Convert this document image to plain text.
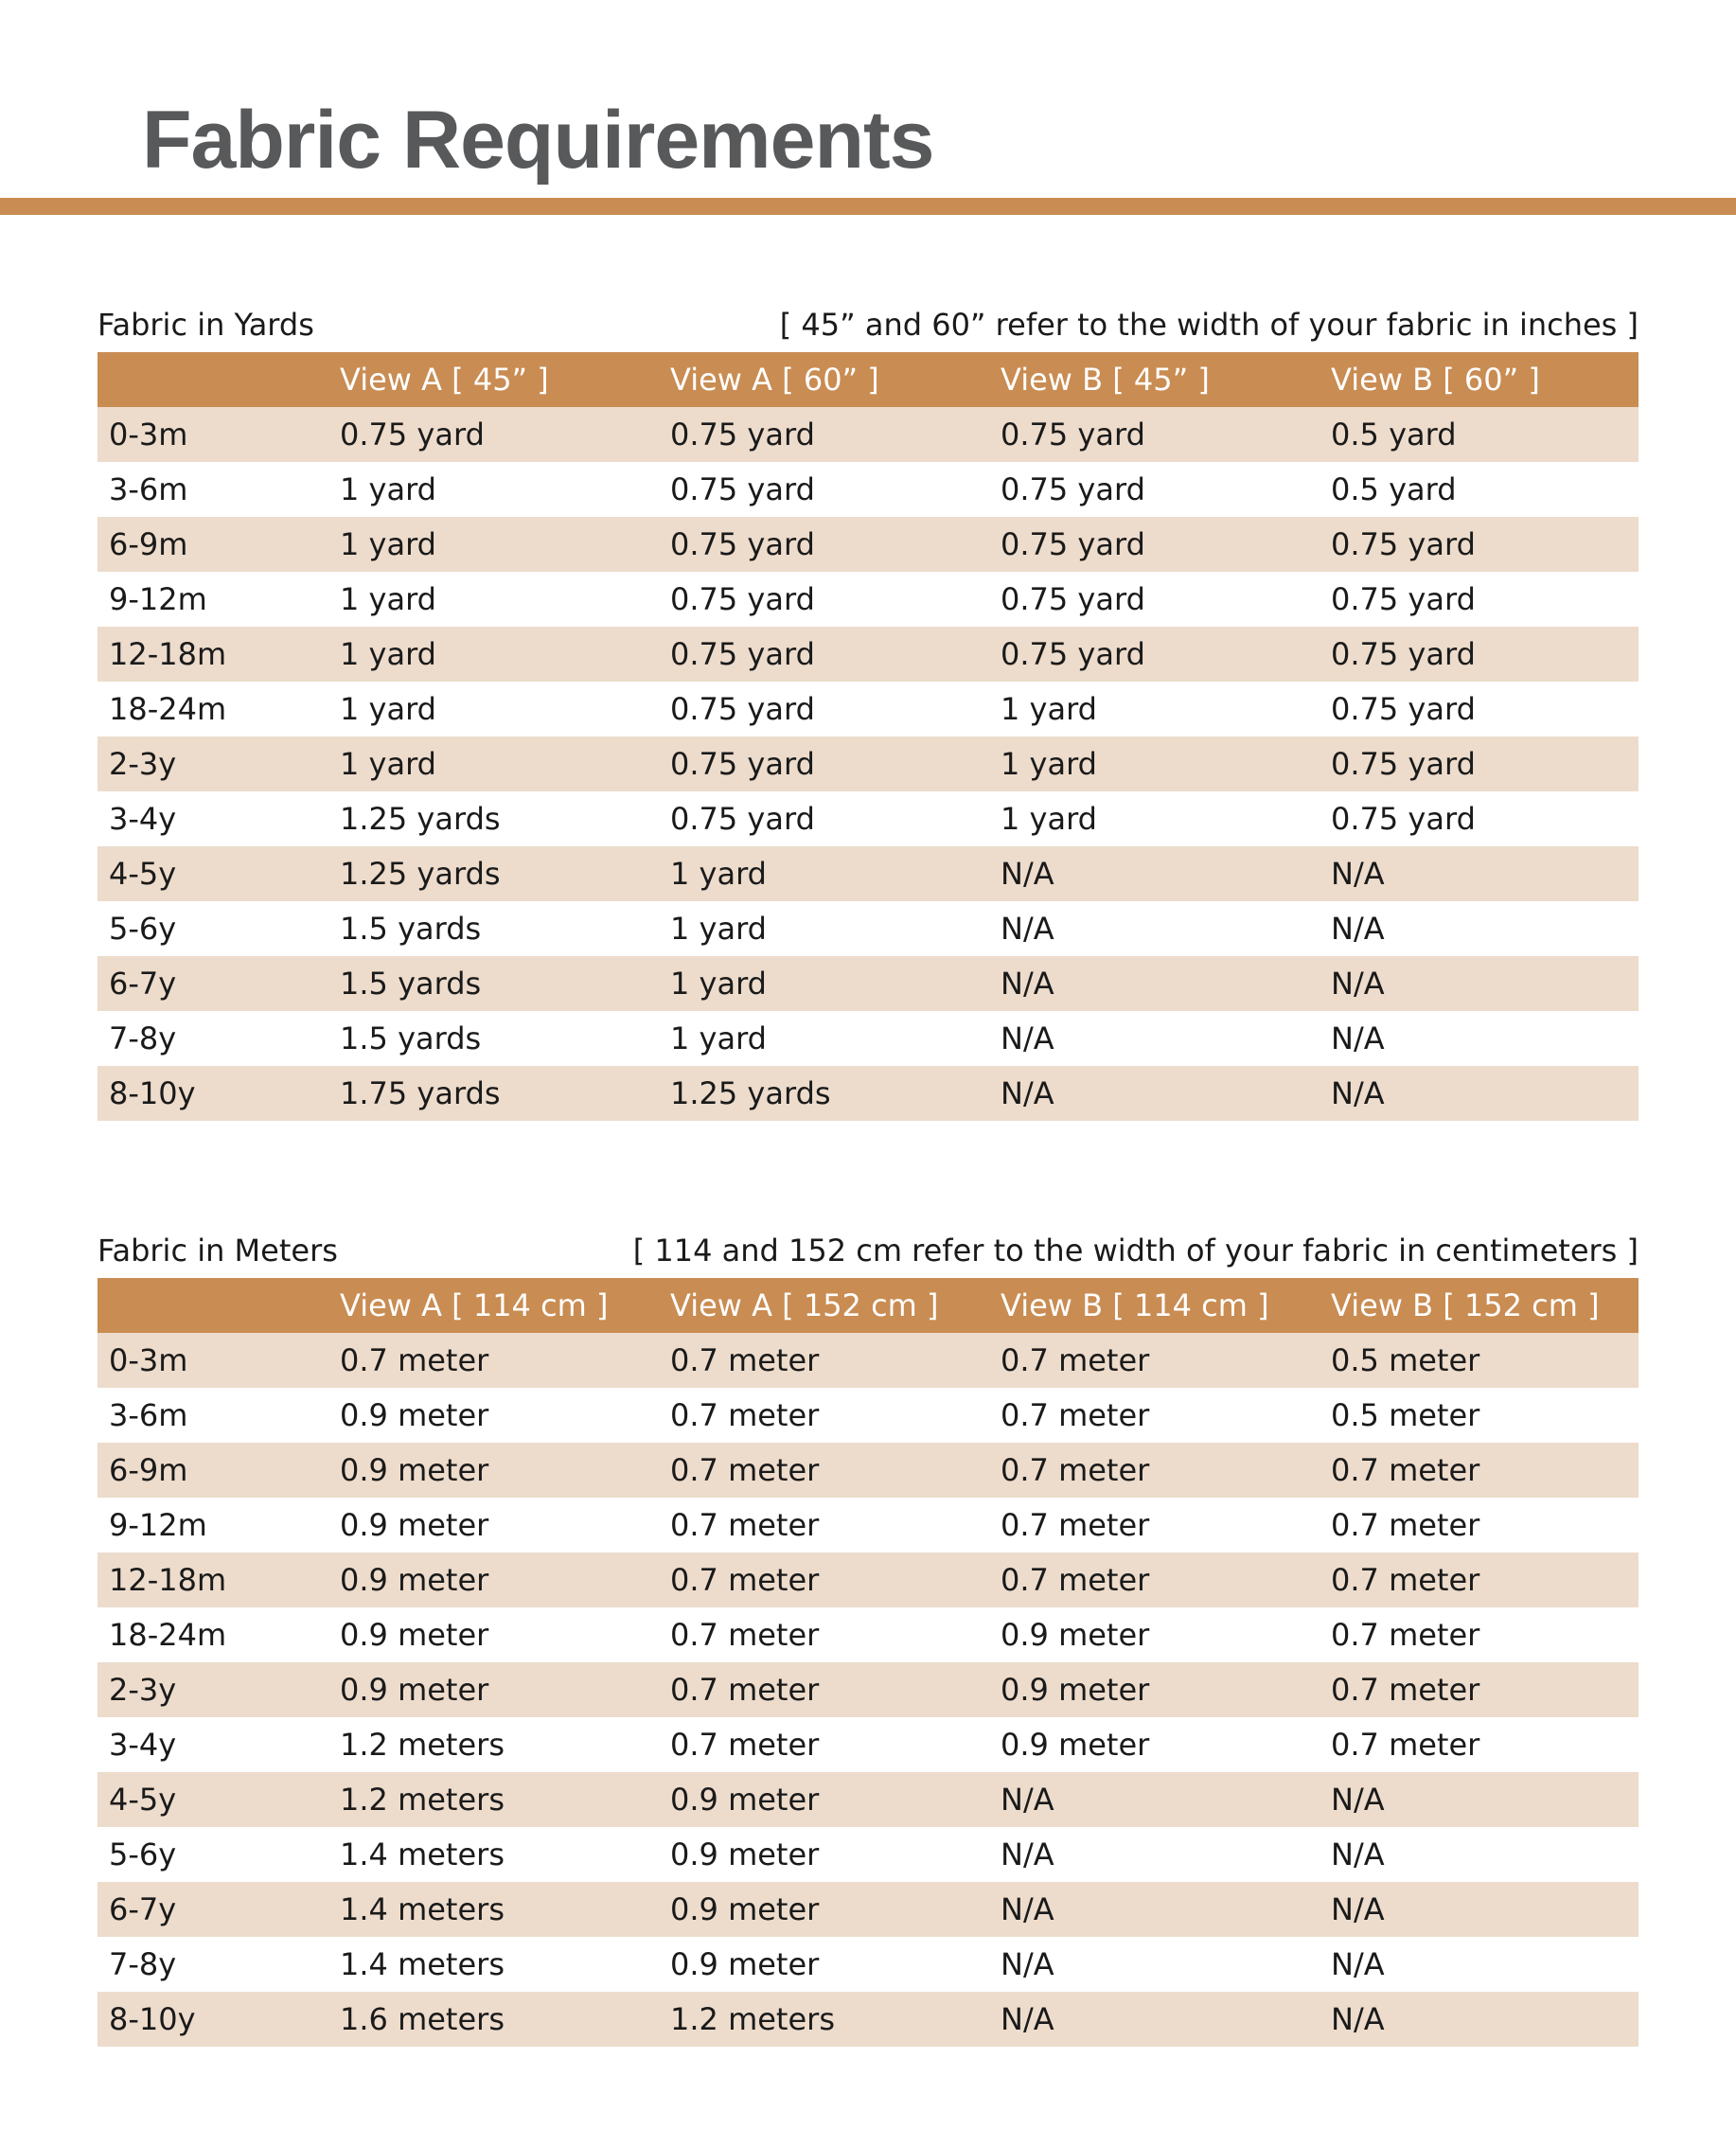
Fabric Requirements
Fabric in Yards	[ 45” and 60” refer to the width of your fabric in inches ]
	View A [ 45” ]	View A [ 60” ]	View B [ 45” ]	View B [ 60” ]
0-3m	0.75 yard	0.75 yard	0.75 yard	0.5 yard
3-6m	1 yard	0.75 yard	0.75 yard	0.5 yard
6-9m	1 yard	0.75 yard	0.75 yard	0.75 yard
9-12m	1 yard	0.75 yard	0.75 yard	0.75 yard
12-18m	1 yard	0.75 yard	0.75 yard	0.75 yard
18-24m	1 yard	0.75 yard	1 yard	0.75 yard
2-3y	1 yard	0.75 yard	1 yard	0.75 yard
3-4y	1.25 yards	0.75 yard	1 yard	0.75 yard
4-5y	1.25 yards	1 yard	N/A	N/A
5-6y	1.5 yards	1 yard	N/A	N/A
6-7y	1.5 yards	1 yard	N/A	N/A
7-8y	1.5 yards	1 yard	N/A	N/A
8-10y	1.75 yards	1.25 yards	N/A	N/A
Fabric in Meters	[ 114 and 152 cm refer to the width of your fabric in centimeters ]
	View A [ 114 cm ]	View A [ 152 cm ]	View B [ 114 cm ]	View B [ 152 cm ]
0-3m	0.7 meter	0.7 meter	0.7 meter	0.5 meter
3-6m	0.9 meter	0.7 meter	0.7 meter	0.5 meter
6-9m	0.9 meter	0.7 meter	0.7 meter	0.7 meter
9-12m	0.9 meter	0.7 meter	0.7 meter	0.7 meter
12-18m	0.9 meter	0.7 meter	0.7 meter	0.7 meter
18-24m	0.9 meter	0.7 meter	0.9 meter	0.7 meter
2-3y	0.9 meter	0.7 meter	0.9 meter	0.7 meter
3-4y	1.2 meters	0.7 meter	0.9 meter	0.7 meter
4-5y	1.2 meters	0.9 meter	N/A	N/A
5-6y	1.4 meters	0.9 meter	N/A	N/A
6-7y	1.4 meters	0.9 meter	N/A	N/A
7-8y	1.4 meters	0.9 meter	N/A	N/A
8-10y	1.6 meters	1.2 meters	N/A	N/A
